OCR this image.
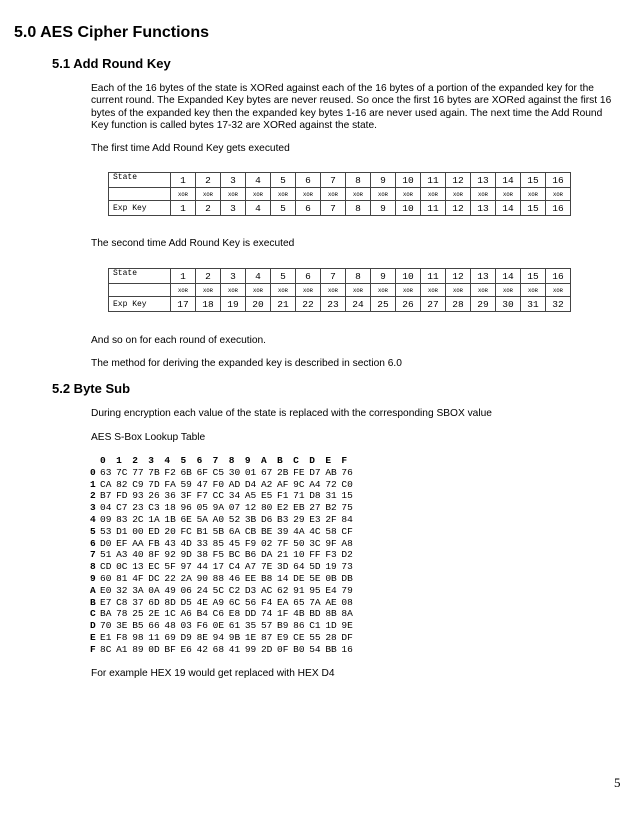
5.0 AES Cipher Functions
5.1 Add Round Key

Each of the 16 bytes of the state is XORed against each of the 16 bytes of a portion of the expanded key for the current round. The Expanded Key bytes are never reused. So once the first 16 bytes are XORed against the first 16 bytes of the expanded key then the expanded key bytes 1-16 are never used again. The next time the Add Round Key function is called bytes 17-32 are XORed against the state.

The first time Add Round Key gets executed

State	1	2	3	4	5	6	7	8	9	10	11	12	13	14	15	16
	XOR	XOR	XOR	XOR	XOR	XOR	XOR	XOR	XOR	XOR	XOR	XOR	XOR	XOR	XOR	XOR
Exp Key	1	2	3	4	5	6	7	8	9	10	11	12	13	14	15	16

The second time Add Round Key is executed

State	1	2	3	4	5	6	7	8	9	10	11	12	13	14	15	16
	XOR	XOR	XOR	XOR	XOR	XOR	XOR	XOR	XOR	XOR	XOR	XOR	XOR	XOR	XOR	XOR
Exp Key	17	18	19	20	21	22	23	24	25	26	27	28	29	30	31	32

And so on for each round of execution.

The method for deriving the expanded key is described in section 6.0

5.2 Byte Sub

During encryption each value of the state is replaced with the corresponding SBOX value

AES S-Box Lookup Table

0 1 2 3 4 5 6 7 8 9 A B C D E F
0 63 7C 77 7B F2 6B 6F C5 30 01 67 2B FE D7 AB 76
1 CA 82 C9 7D FA 59 47 F0 AD D4 A2 AF 9C A4 72 C0
2 B7 FD 93 26 36 3F F7 CC 34 A5 E5 F1 71 D8 31 15
3 04 C7 23 C3 18 96 05 9A 07 12 80 E2 EB 27 B2 75
4 09 83 2C 1A 1B 6E 5A A0 52 3B D6 B3 29 E3 2F 84
5 53 D1 00 ED 20 FC B1 5B 6A CB BE 39 4A 4C 58 CF
6 D0 EF AA FB 43 4D 33 85 45 F9 02 7F 50 3C 9F A8
7 51 A3 40 8F 92 9D 38 F5 BC B6 DA 21 10 FF F3 D2
8 CD 0C 13 EC 5F 97 44 17 C4 A7 7E 3D 64 5D 19 73
9 60 81 4F DC 22 2A 90 88 46 EE B8 14 DE 5E 0B DB
A E0 32 3A 0A 49 06 24 5C C2 D3 AC 62 91 95 E4 79
B E7 C8 37 6D 8D D5 4E A9 6C 56 F4 EA 65 7A AE 08
C BA 78 25 2E 1C A6 B4 C6 E8 DD 74 1F 4B BD 8B 8A
D 70 3E B5 66 48 03 F6 0E 61 35 57 B9 86 C1 1D 9E
E E1 F8 98 11 69 D9 8E 94 9B 1E 87 E9 CE 55 28 DF
F 8C A1 89 0D BF E6 42 68 41 99 2D 0F B0 54 BB 16

For example HEX 19 would get replaced with HEX D4

5
